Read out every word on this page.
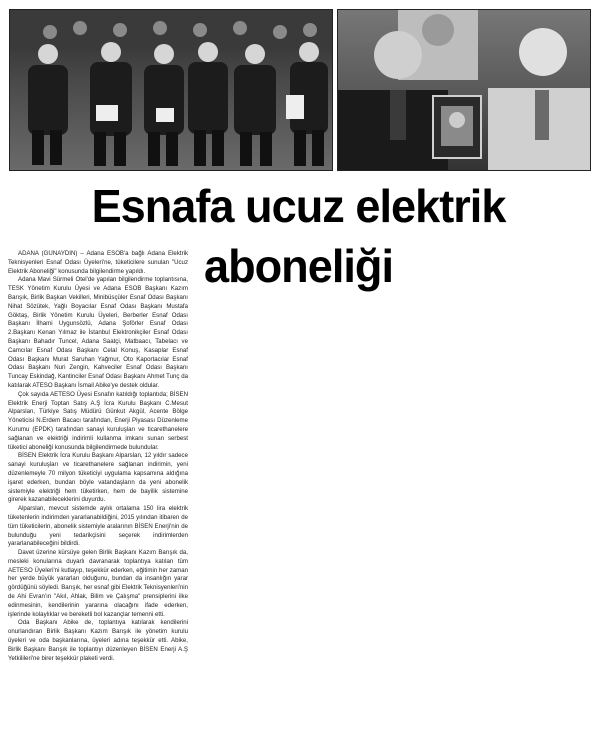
Esnafa ucuz elektrik aboneliği

ADANA (GÜNAYDIN) – Adana ESOB'a bağlı Adana Elektrik Teknisyenleri Esnaf Odası Üyeleri'ne, tüketicilere sunulan "Ucuz Elektrik Aboneliği" konusunda bilgilendirme yapıldı.

Adana Mavi Sürmeli Otel'de yapılan bilgilendirme toplantısına, TESK Yönetim Kurulu Üyesi ve Adana ESOB Başkanı Kazım Barışık, Birlik Başkan Vekilleri, Minibüsçüler Esnaf Odası Başkanı Nihat Sözütek, Yağlı Boyacılar Esnaf Odası Başkanı Mustafa Göktaş, Birlik Yönetim Kurulu Üyeleri, Berberler Esnaf Odası Başkanı İlhami Uygunsözlü, Adana Şoförler Esnaf Odası 2.Başkanı Kenan Yılmaz ile İstanbul Elektronikçiler Esnaf Odası Başkanı Bahadır Tuncel, Adana Saatçi, Matbaacı, Tabelacı ve Camcılar Esnaf Odası Başkanı Celal Konuş, Kasaplar Esnaf Odası Başkanı Murat Saruhan Yağmur, Oto Kaportacılar Esnaf Odası Başkanı Nuri Zengin, Kahveciler Esnaf Odası Başkanı Tuncay Eskindağ, Kantinciler Esnaf Odası Başkanı Ahmet Tunç da katılarak ATESO Başkanı İsmail Abike'ye destek oldular.

Çok sayıda AETESO Üyesi Esnafın katıldığı toplantıda; BİSEN Elektrik Enerji Toptan Satış A.Ş İcra Kurulu Başkanı C.Mesut Alparslan, Türkiye Satış Müdürü Günkut Akgül, Acente Bölge Yöneticisi N.Erdem Bacacı tarafından, Enerji Piyasası Düzenleme Kurumu (EPDK) tarafından sanayi kuruluşları ve ticarethanelere sağlanan ve elektriği indirimli kullanma imkanı sunan serbest tüketici aboneliği konusunda bilgilendirmede bulundular.

BİSEN Elektrik İcra Kurulu Başkanı Alparslan, 12 yıldır sadece sanayi kuruluşları ve ticarethanelere sağlanan indirimin, yeni düzenlemeyle 70 milyon tüketiciyi uygulama kapsamına aldığına işaret ederken, bundan böyle vatandaşların da yeni abonelik sistemiyle elektriği hem tüketirken, hem de bayilik sistemine girerek kazanabileceklerini duyurdu.

Alparslan, mevcut sistemde aylık ortalama 150 lira elektrik tüketenlerin indirimden yararlanabildiğini, 2015 yılından itibaren de tüm tüketicilerin, abonelik sistemiyle aralarının BİSEN Enerji'nin de bulunduğu yeni tedarikçisini seçerek indirimlerden yararlanabileceğini bildirdi.

Davet üzerine kürsüye gelen Birlik Başkanı Kazım Barışık da, mesleki konularına duyarlı davranarak toplantıya katılan tüm AETESO Üyeleri'ni kutlayıp, teşekkür ederken, eğitimin her zaman her yerde büyük yararları olduğunu, bundan da insanlığın yarar gördüğünü söyledi. Barışık, her esnaf gibi Elektrik Teknisyenleri'nin de Ahi Evran'ın "Akıl, Ahlak, Bilim ve Çalışma" prensiplerini ilke edinmesinin, kendilerinin yararına olacağını ifade ederken, işlerinde kolaylıklar ve bereketli bol kazançlar temenni etti.

Oda Başkanı Abike de, toplantıya katılarak kendilerini onurlandıran Birlik Başkanı Kazım Barışık ile yönetim kurulu üyeleri ve oda başkanlarına, üyeleri adına teşekkür etti. Abike, Birlik Başkanı Barışık ile toplantıyı düzenleyen BİSEN Enerji A.Ş Yetkilileri'ne birer teşekkür plaketi verdi.
